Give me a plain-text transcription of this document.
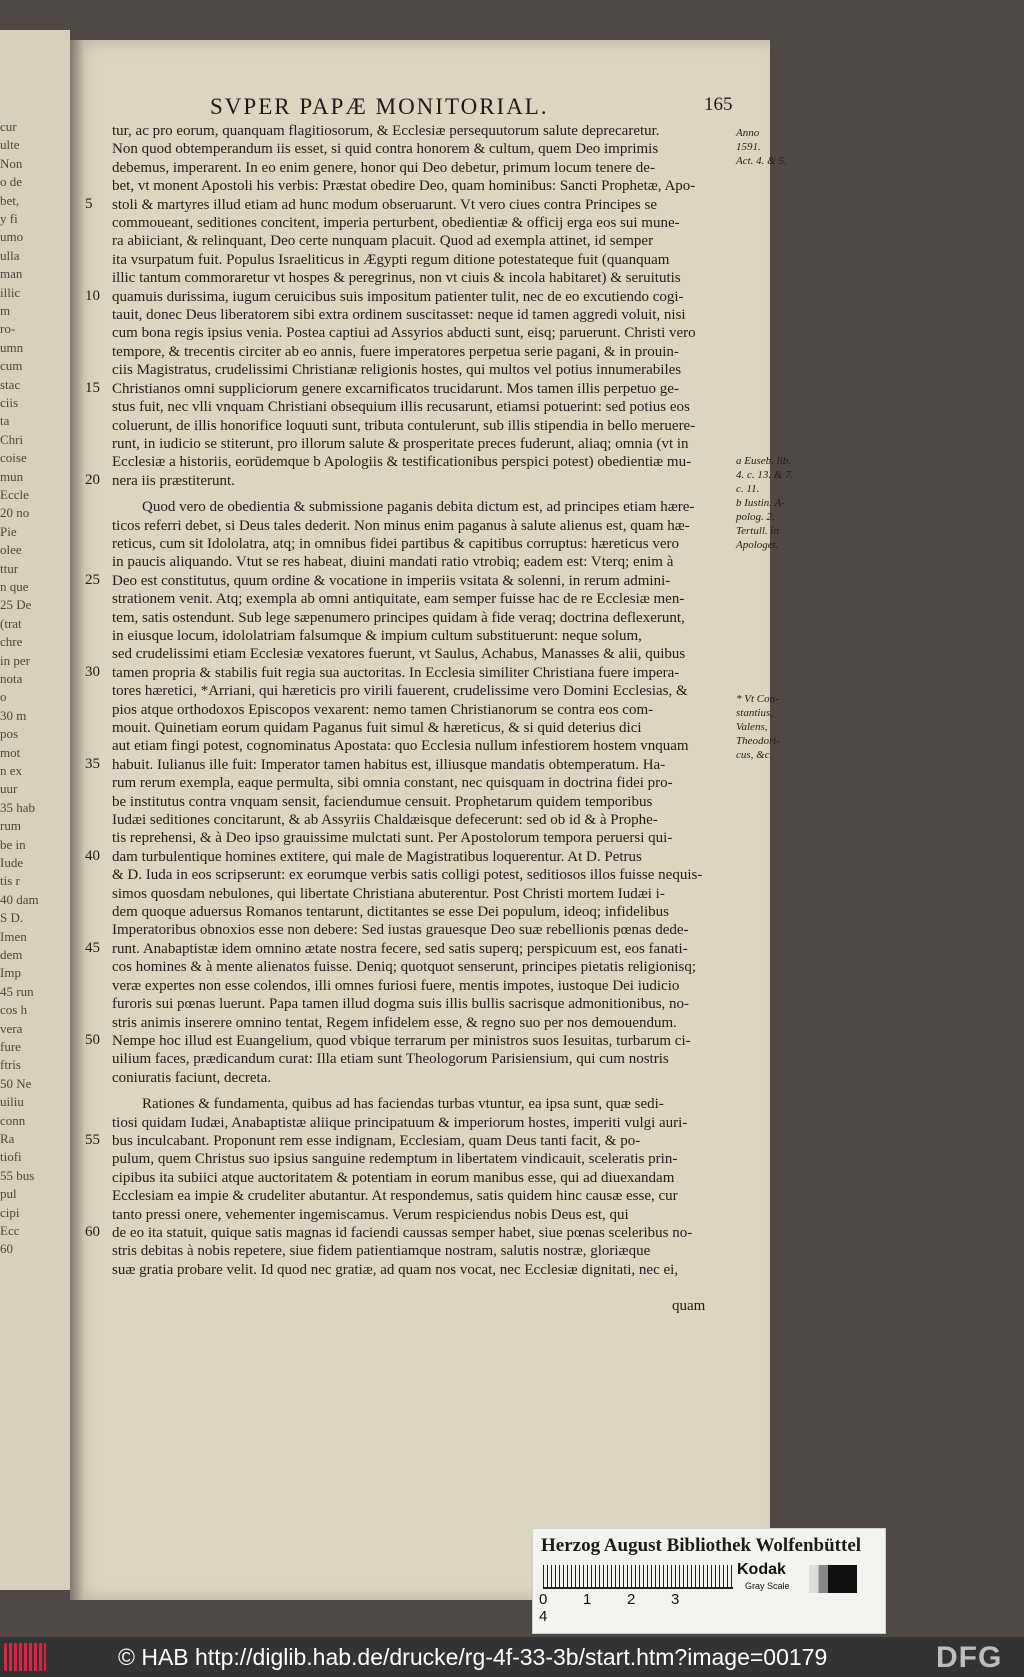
cur
ulte
Non
o de
bet,
y fi
umo
ulla
man
illic
m
ro-
umn
cum
stac
ciis
ta
Chri
coise
mun
Eccle
20 no
Pie
olee
ttur
n que
25 De
(trat
chre
in per
nota
o
30 m
pos
mot
n ex
uur
35 hab
rum
be in
Iude
tis r
40 dam
S D.
Imen
dem
Imp
45 run
cos h
vera
fure
ftris
50 Ne
uiliu
conn
Ra
tiofi
55 bus
pul
cipi
Ecc
60
SVPER PAPÆ MONITORIAL.	165
tur, ac pro eorum, quanquam flagitiosorum, & Ecclesiæ persequutorum salute deprecaretur.
Non quod obtemperandum iis esset, si quid contra honorem & cultum, quem Deo imprimis
debemus, imperarent. In eo enim genere, honor qui Deo debetur, primum locum tenere de-
bet, vt monent Apostoli his verbis: Præstat obedire Deo, quam hominibus: Sancti Prophetæ, Apo-
stoli & martyres illud etiam ad hunc modum obseruarunt. Vt vero ciues contra Principes se
commoueant, seditiones concitent, imperia perturbent, obedientiæ & officij erga eos sui mune-
ra abiiciant, & relinquant, Deo certe nunquam placuit. Quod ad exempla attinet, id semper
ita vsurpatum fuit. Populus Israeliticus in Ægypti regum ditione potestateque fuit (quanquam
illic tantum commoraretur vt hospes & peregrinus, non vt ciuis & incola habitaret) & seruitutis
quamuis durissima, iugum ceruicibus suis impositum patienter tulit, nec de eo excutiendo cogi-
tauit, donec Deus liberatorem sibi extra ordinem suscitasset: neque id tamen aggredi voluit, nisi
cum bona regis ipsius venia. Postea captiui ad Assyrios abducti sunt, eisq; paruerunt. Christi vero
tempore, & trecentis circiter ab eo annis, fuere imperatores perpetua serie pagani, & in prouin-
ciis Magistratus, crudelissimi Christianæ religionis hostes, qui multos vel potius innumerabiles
Christianos omni suppliciorum genere excarnificatos trucidarunt. Mos tamen illis perpetuo ge-
stus fuit, nec vlli vnquam Christiani obsequium illis recusarunt, etiamsi potuerint: sed potius eos
coluerunt, de illis honorifice loquuti sunt, tributa contulerunt, sub illis stipendia in bello meruere-
runt, in iudicio se stiterunt, pro illorum salute & prosperitate preces fuderunt, aliaq; omnia (vt in
Ecclesiæ a historiis, eorūdemque b Apologiis & testificationibus perspici potest) obedientiæ mu-
nera iis præstiterunt.
Quod vero de obedientia & submissione paganis debita dictum est, ad principes etiam hære-
ticos referri debet, si Deus tales dederit. Non minus enim paganus à salute alienus est, quam hæ-
reticus, cum sit Idololatra, atq; in omnibus fidei partibus & capitibus corruptus: hæreticus vero
in paucis aliquando. Vtut se res habeat, diuini mandati ratio vtrobiq; eadem est: Vterq; enim à
Deo est constitutus, quum ordine & vocatione in imperiis vsitata & solenni, in rerum admini-
strationem venit. Atq; exempla ab omni antiquitate, eam semper fuisse hac de re Ecclesiæ men-
tem, satis ostendunt. Sub lege sæpenumero principes quidam à fide veraq; doctrina deflexerunt,
in eiusque locum, idololatriam falsumque & impium cultum substituerunt: neque solum,
sed crudelissimi etiam Ecclesiæ vexatores fuerunt, vt Saulus, Achabus, Manasses & alii, quibus
tamen propria & stabilis fuit regia sua auctoritas. In Ecclesia similiter Christiana fuere impera-
tores hæretici, *Arriani, qui hæreticis pro virili fauerent, crudelissime vero Domini Ecclesias, &
pios atque orthodoxos Episcopos vexarent: nemo tamen Christianorum se contra eos com-
mouit. Quinetiam eorum quidam Paganus fuit simul & hæreticus, & si quid deterius dici
aut etiam fingi potest, cognominatus Apostata: quo Ecclesia nullum infestiorem hostem vnquam
habuit. Iulianus ille fuit: Imperator tamen habitus est, illiusque mandatis obtemperatum. Ha-
rum rerum exempla, eaque permulta, sibi omnia constant, nec quisquam in doctrina fidei pro-
be institutus contra vnquam sensit, faciendumue censuit. Prophetarum quidem temporibus
Iudæi seditiones concitarunt, & ab Assyriis Chaldæisque defecerunt: sed ob id & à Prophe-
tis reprehensi, & à Deo ipso grauissime mulctati sunt. Per Apostolorum tempora peruersi qui-
dam turbulentique homines extitere, qui male de Magistratibus loquerentur. At D. Petrus
& D. Iuda in eos scripserunt: ex eorumque verbis satis colligi potest, seditiosos illos fuisse nequis-
simos quosdam nebulones, qui libertate Christiana abuterentur. Post Christi mortem Iudæi i-
dem quoque aduersus Romanos tentarunt, dictitantes se esse Dei populum, ideoq; infidelibus
Imperatoribus obnoxios esse non debere: Sed iustas grauesque Deo suæ rebellionis pœnas dede-
runt. Anabaptistæ idem omnino ætate nostra fecere, sed satis superq; perspicuum est, eos fanati-
cos homines & à mente alienatos fuisse. Deniq; quotquot senserunt, principes pietatis religionisq;
veræ expertes non esse colendos, illi omnes furiosi fuere, mentis impotes, iustoque Dei iudicio
furoris sui pœnas luerunt. Papa tamen illud dogma suis illis bullis sacrisque admonitionibus, no-
stris animis inserere omnino tentat, Regem infidelem esse, & regno suo per nos demouendum.
Nempe hoc illud est Euangelium, quod vbique terrarum per ministros suos Iesuitas, turbarum ci-
uilium faces, prædicandum curat: Illa etiam sunt Theologorum Parisiensium, qui cum nostris
coniuratis faciunt, decreta.
Rationes & fundamenta, quibus ad has faciendas turbas vtuntur, ea ipsa sunt, quæ sedi-
tiosi quidam Iudæi, Anabaptistæ aliique principatuum & imperiorum hostes, imperiti vulgi auri-
bus inculcabant. Proponunt rem esse indignam, Ecclesiam, quam Deus tanti facit, & po-
pulum, quem Christus suo ipsius sanguine redemptum in libertatem vindicauit, sceleratis prin-
cipibus ita subiici atque auctoritatem & potentiam in eorum manibus esse, qui ad diuexandam
Ecclesiam ea impie & crudeliter abutantur. At respondemus, satis quidem hinc causæ esse, cur
tanto pressi onere, vehementer ingemiscamus. Verum respiciendus nobis Deus est, qui
de eo ita statuit, quique satis magnas id faciendi caussas semper habet, siue pœnas sceleribus no-
stris debitas à nobis repetere, siue fidem patientiamque nostram, salutis nostræ, gloriæque
suæ gratia probare velit. Id quod nec gratiæ, ad quam nos vocat, nec Ecclesiæ dignitati, nec ei,
5
10
15
20
25
30
35
40
45
50
55
60
Anno
1591.
Act. 4. & 5.
a Euseb. lib.
4. c. 13. & 7.
c. 11.
b Iustin. A-
polog. 2.
Tertull. in
Apologet.
* Vt Con-
stantius,
Valens,
Theodori-
cus, &c.
quam
Herzog August Bibliothek Wolfenbüttel
0 1 2 34
Kodak
Gray Scale
© HAB http://diglib.hab.de/drucke/rg-4f-33-3b/start.htm?image=00179	DFG
